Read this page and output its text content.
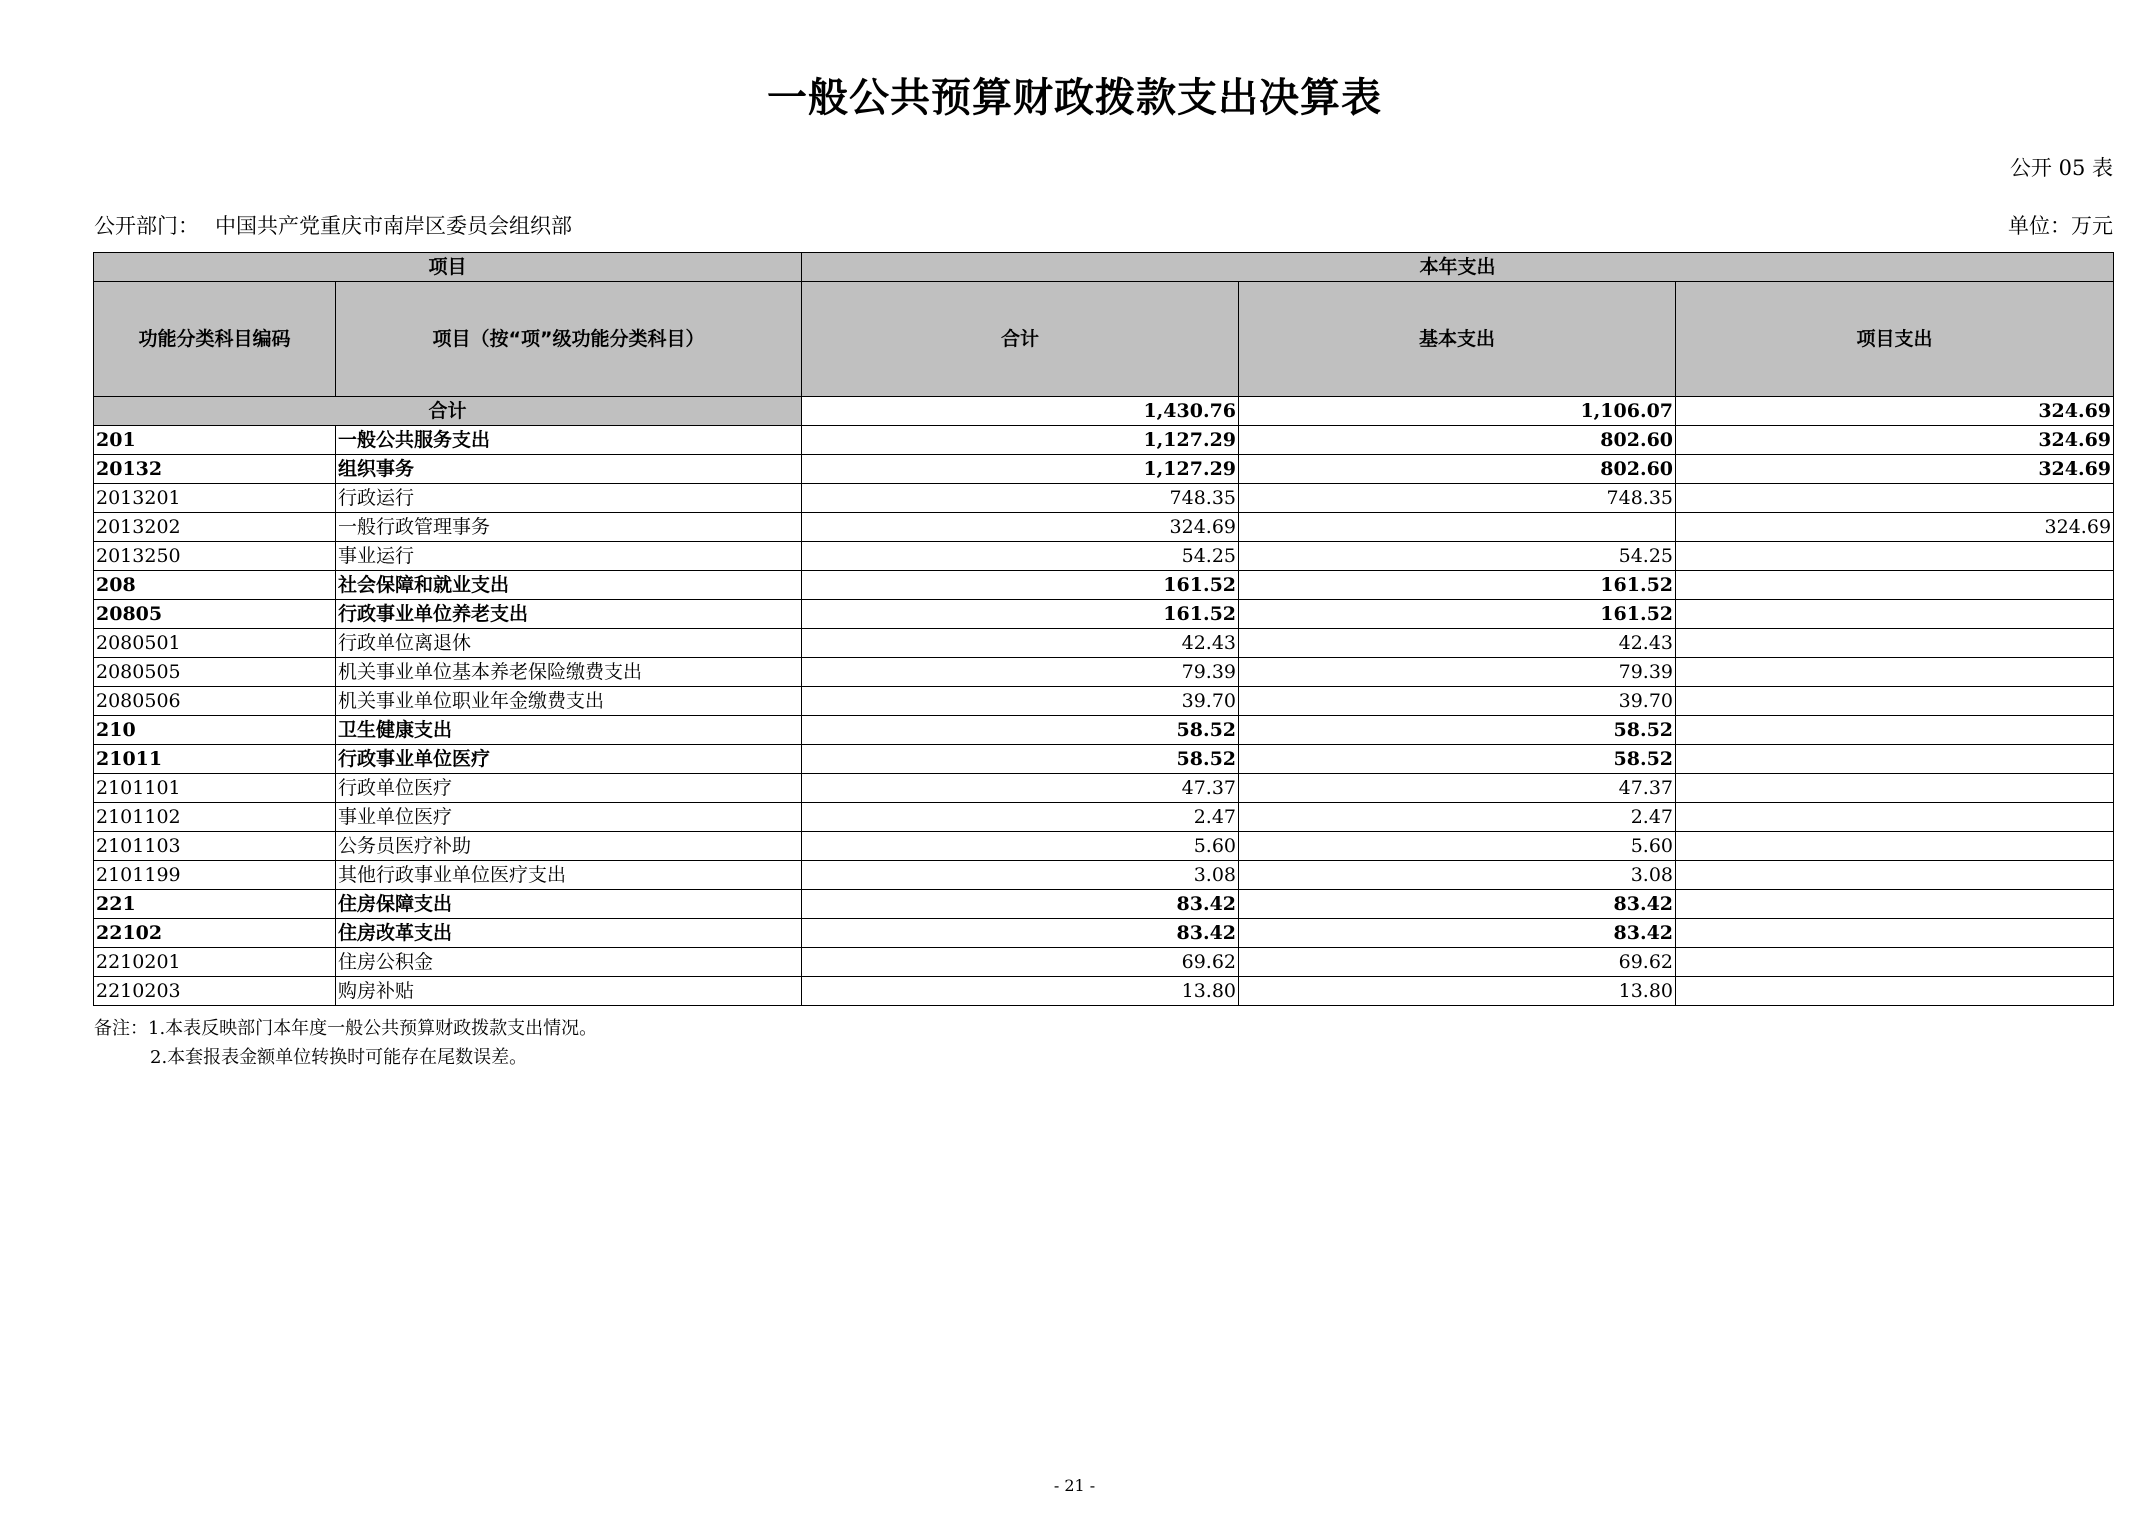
一般公共预算财政拨款支出决算表
公开 05 表
公开部门： 中国共产党重庆市南岸区委员会组织部	单位：万元
项目		本年支出		
功能分类科目编码	项目（按“项”级功能分类科目）	合计	基本支出	项目支出
合计		1,430.76	1,106.07	324.69
201	一般公共服务支出	1,127.29	802.60	324.69
20132	组织事务	1,127.29	802.60	324.69
2013201	行政运行	748.35	748.35	
2013202	一般行政管理事务	324.69		324.69
2013250	事业运行	54.25	54.25	
208	社会保障和就业支出	161.52	161.52	
20805	行政事业单位养老支出	161.52	161.52	
2080501	行政单位离退休	42.43	42.43	
2080505	机关事业单位基本养老保险缴费支出	79.39	79.39	
2080506	机关事业单位职业年金缴费支出	39.70	39.70	
210	卫生健康支出	58.52	58.52	
21011	行政事业单位医疗	58.52	58.52	
2101101	行政单位医疗	47.37	47.37	
2101102	事业单位医疗	2.47	2.47	
2101103	公务员医疗补助	5.60	5.60	
2101199	其他行政事业单位医疗支出	3.08	3.08	
221	住房保障支出	83.42	83.42	
22102	住房改革支出	83.42	83.42	
2210201	住房公积金	69.62	69.62	
2210203	购房补贴	13.80	13.80	
备注：1.本表反映部门本年度一般公共预算财政拨款支出情况。
2.本套报表金额单位转换时可能存在尾数误差。
- 21 -
